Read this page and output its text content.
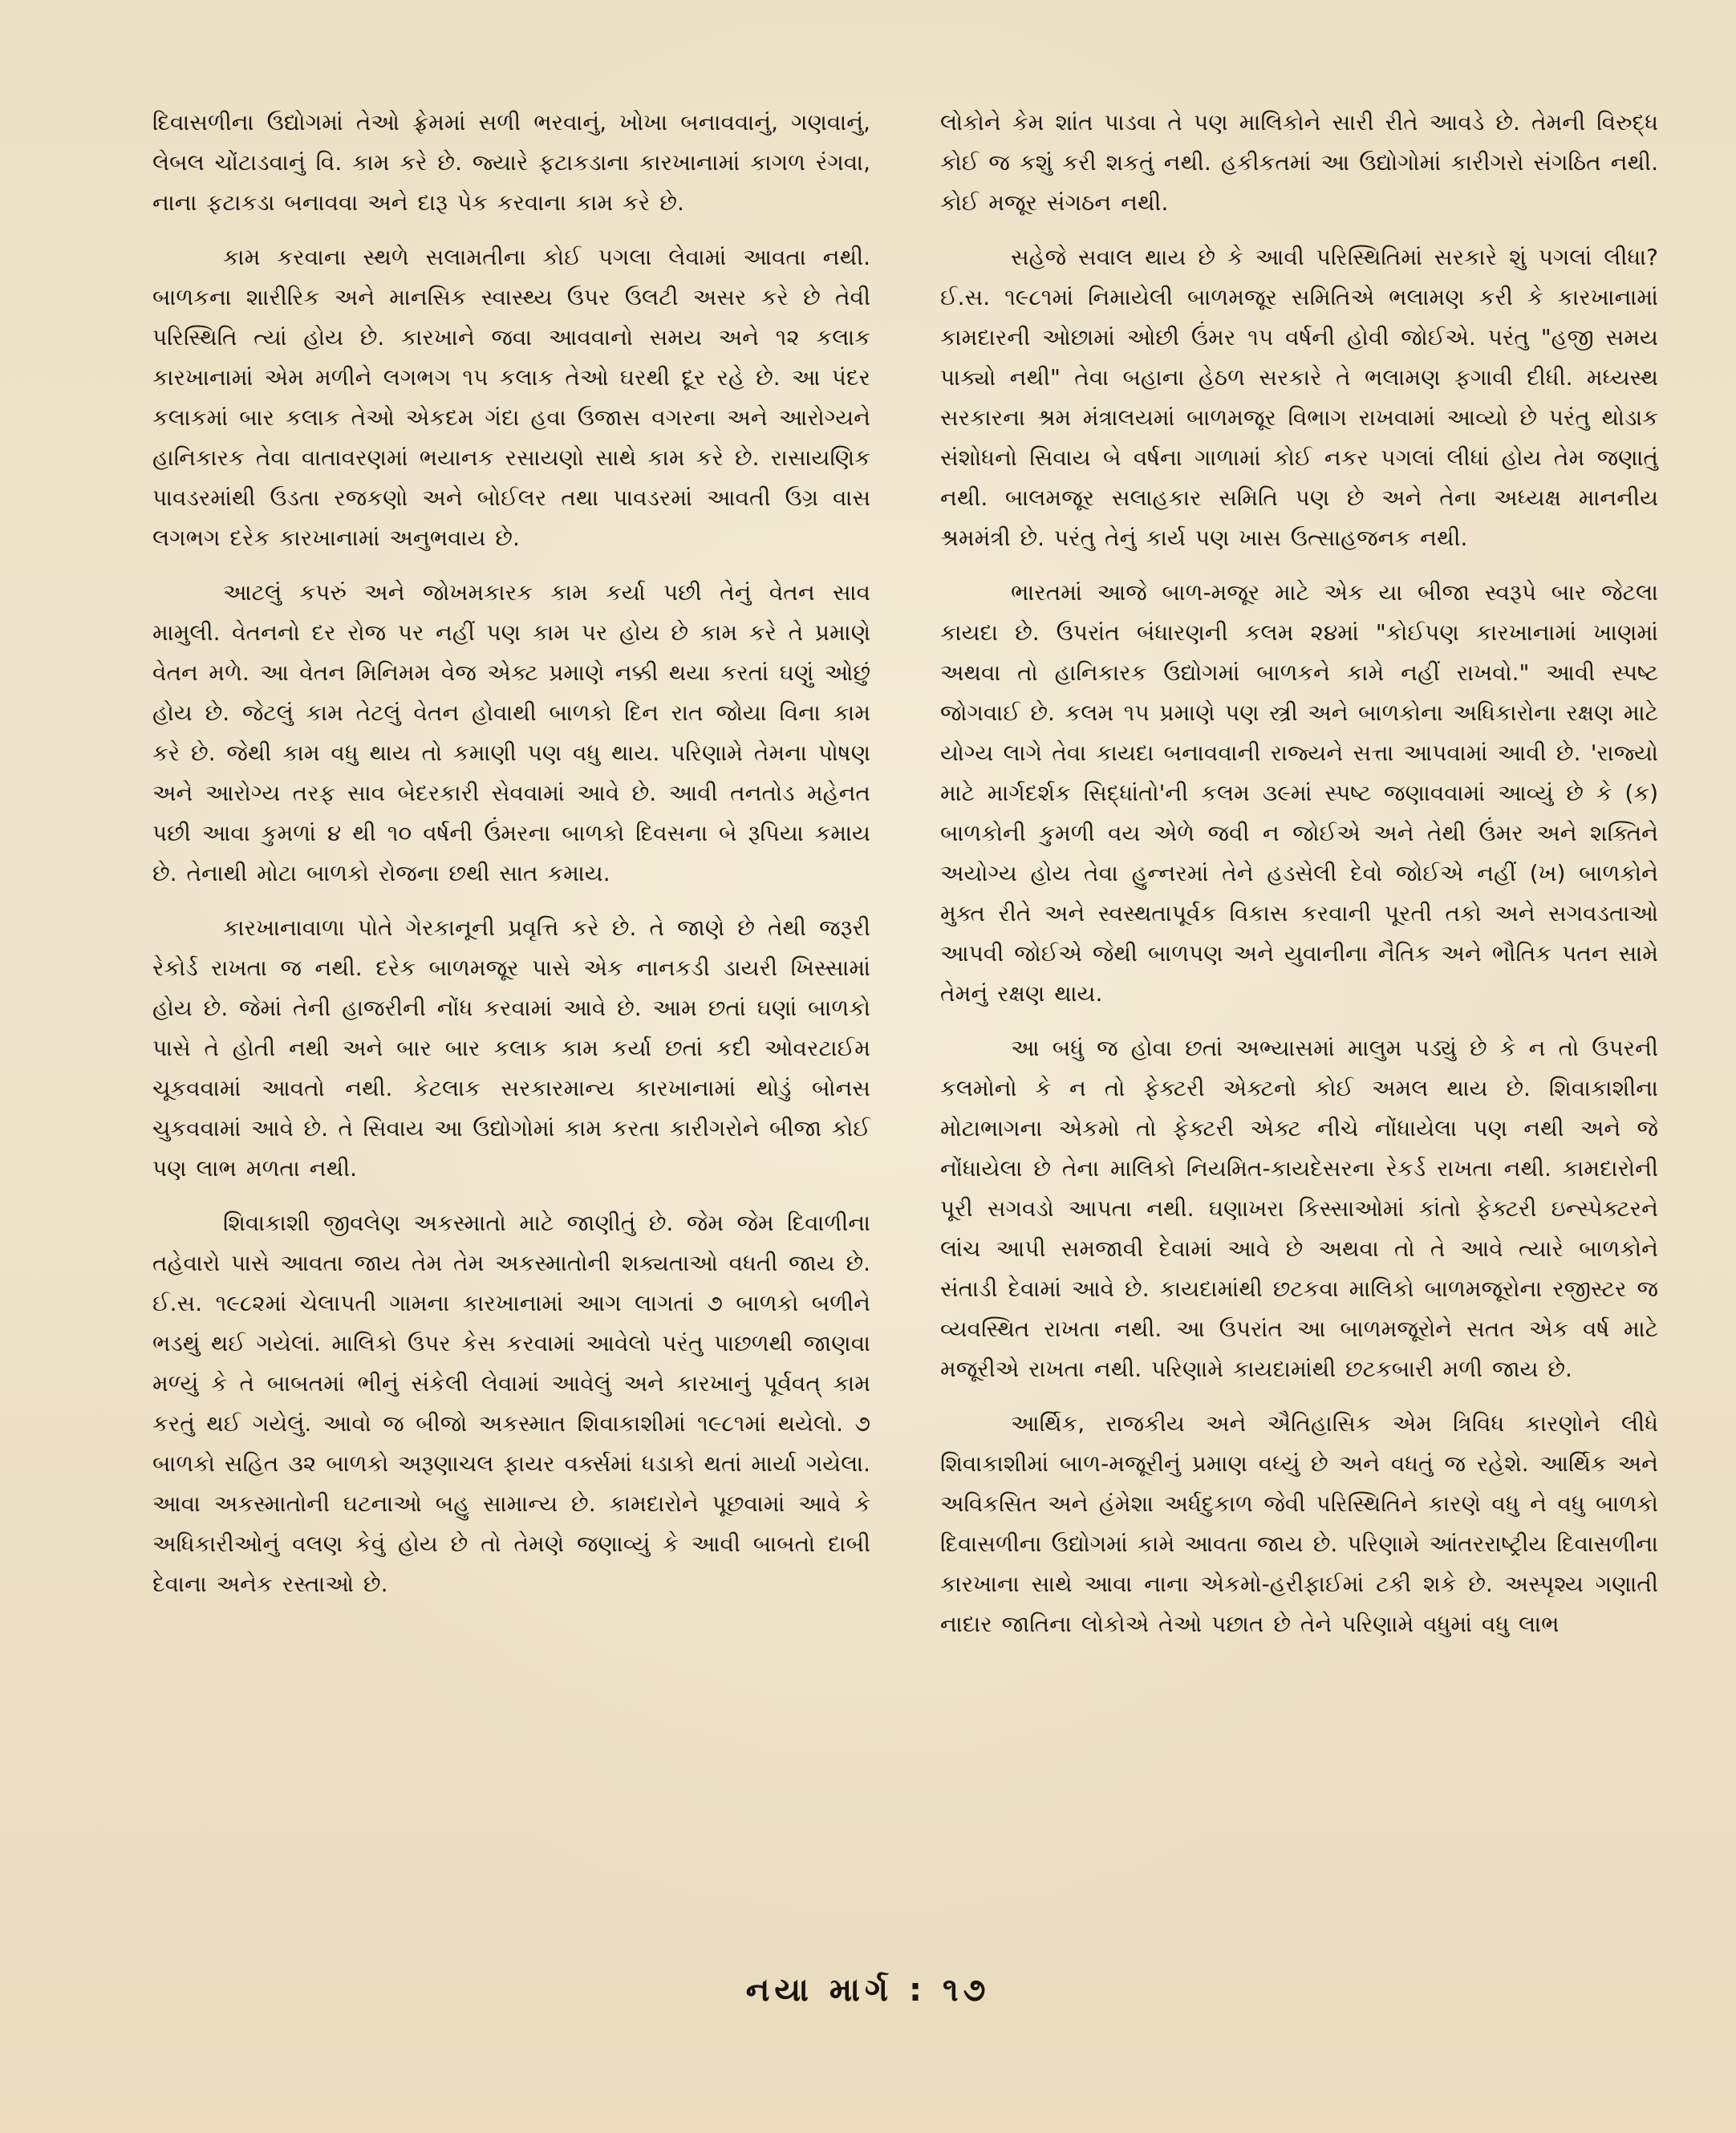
દિવાસળીના ઉદ્યોગમાં તેઓ ફ્રેમમાં સળી ભરવાનું, ખોખા બનાવવાનું, ગણવાનું, લેબલ ચોંટાડવાનું વિ. કામ કરે છે. જ્યારે ફટાકડાના કારખાનામાં કાગળ રંગવા, નાના ફટાકડા બનાવવા અને દારૂ પેક કરવાના કામ કરે છે.

કામ કરવાના સ્થળે સલામતીના કોઈ પગલા લેવામાં આવતા નથી. બાળકના શારીરિક અને માનસિક સ્વાસ્થ્ય ઉપર ઉલટી અસર કરે છે તેવી પરિસ્થિતિ ત્યાં હોય છે. કારખાને જવા આવવાનો સમય અને ૧૨ કલાક કારખાનામાં એમ મળીને લગભગ ૧૫ કલાક તેઓ ઘરથી દૂર રહે છે. આ પંદર કલાકમાં બાર કલાક તેઓ એકદમ ગંદા હવા ઉજાસ વગરના અને આરોગ્યને હાનિકારક તેવા વાતાવરણમાં ભયાનક રસાયણો સાથે કામ કરે છે. રાસાયણિક પાવડરમાંથી ઉડતા રજકણો અને બોઈલર તથા પાવડરમાં આવતી ઉગ્ર વાસ લગભગ દરેક કારખાનામાં અનુભવાય છે.

આટલું કપરું અને જોખમકારક કામ કર્યા પછી તેનું વેતન સાવ મામુલી. વેતનનો દર રોજ પર નહીં પણ કામ પર હોય છે કામ કરે તે પ્રમાણે વેતન મળે. આ વેતન મિનિમમ વેજ એક્ટ પ્રમાણે નક્કી થયા કરતાં ઘણું ઓછું હોય છે. જેટલું કામ તેટલું વેતન હોવાથી બાળકો દિન રાત જોયા વિના કામ કરે છે. જેથી કામ વધુ થાય તો કમાણી પણ વધુ થાય. પરિણામે તેમના પોષણ અને આરોગ્ય તરફ સાવ બેદરકારી સેવવામાં આવે છે. આવી તનતોડ મહેનત પછી આવા કુમળાં ૪ થી ૧૦ વર્ષની ઉંમરના બાળકો દિવસના બે રૂપિયા કમાય છે. તેનાથી મોટા બાળકો રોજના છથી સાત કમાય.

કારખાનાવાળા પોતે ગેરકાનૂની પ્રવૃત્તિ કરે છે. તે જાણે છે તેથી જરૂરી રેકોર્ડ રાખતા જ નથી. દરેક બાળમજૂર પાસે એક નાનકડી ડાયરી ખિસ્સામાં હોય છે. જેમાં તેની હાજરીની નોંધ કરવામાં આવે છે. આમ છતાં ઘણાં બાળકો પાસે તે હોતી નથી અને બાર બાર કલાક કામ કર્યા છતાં કદી ઓવરટાઈમ ચૂકવવામાં આવતો નથી. કેટલાક સરકારમાન્ય કારખાનામાં થોડું બોનસ ચુકવવામાં આવે છે. તે સિવાય આ ઉદ્યોગોમાં કામ કરતા કારીગરોને બીજા કોઈ પણ લાભ મળતા નથી.

શિવાકાશી જીવલેણ અકસ્માતો માટે જાણીતું છે. જેમ જેમ દિવાળીના તહેવારો પાસે આવતા જાય તેમ તેમ અકસ્માતોની શક્યતાઓ વધતી જાય છે. ઈ.સ. ૧૯૮૨માં ચેલાપતી ગામના કારખાનામાં આગ લાગતાં ૭ બાળકો બળીને ભડથું થઈ ગયેલાં. માલિકો ઉપર કેસ કરવામાં આવેલો પરંતુ પાછળથી જાણવા મળ્યું કે તે બાબતમાં ભીનું સંકેલી લેવામાં આવેલું અને કારખાનું પૂર્વવત્ કામ કરતું થઈ ગયેલું. આવો જ બીજો અકસ્માત શિવાકાશીમાં ૧૯૮૧માં થયેલો. ૭ બાળકો સહિત ૩૨ બાળકો અરૂણાચલ ફાયર વર્ક્સમાં ધડાકો થતાં માર્યા ગયેલા. આવા અકસ્માતોની ઘટનાઓ બહુ સામાન્ય છે. કામદારોને પૂછવામાં આવે કે અધિકારીઓનું વલણ કેવું હોય છે તો તેમણે જણાવ્યું કે આવી બાબતો દાબી દેવાના અનેક રસ્તાઓ છે.

લોકોને કેમ શાંત પાડવા તે પણ માલિકોને સારી રીતે આવડે છે. તેમની વિરુદ્ધ કોઈ જ કશું કરી શકતું નથી. હકીકતમાં આ ઉદ્યોગોમાં કારીગરો સંગઠિત નથી. કોઈ મજૂર સંગઠન નથી.

સહેજે સવાલ થાય છે કે આવી પરિસ્થિતિમાં સરકારે શું પગલાં લીધા? ઈ.સ. ૧૯૮૧માં નિમાયેલી બાળમજૂર સમિતિએ ભલામણ કરી કે કારખાનામાં કામદારની ઓછામાં ઓછી ઉંમર ૧૫ વર્ષની હોવી જોઈએ. પરંતુ "હજી સમય પાક્યો નથી" તેવા બહાના હેઠળ સરકારે તે ભલામણ ફગાવી દીધી. મધ્યસ્થ સરકારના શ્રમ મંત્રાલયમાં બાળમજૂર વિભાગ રાખવામાં આવ્યો છે પરંતુ થોડાક સંશોધનો સિવાય બે વર્ષના ગાળામાં કોઈ નકર પગલાં લીધાં હોય તેમ જણાતું નથી. બાલમજૂર સલાહકાર સમિતિ પણ છે અને તેના અધ્યક્ષ માનનીય શ્રમમંત્રી છે. પરંતુ તેનું કાર્ય પણ ખાસ ઉત્સાહજનક નથી.

ભારતમાં આજે બાળ-મજૂર માટે એક યા બીજા સ્વરૂપે બાર જેટલા કાયદા છે. ઉપરાંત બંધારણની કલમ ૨૪માં "કોઈપણ કારખાનામાં ખાણમાં અથવા તો હાનિકારક ઉદ્યોગમાં બાળકને કામે નહીં રાખવો." આવી સ્પષ્ટ જોગવાઈ છે. કલમ ૧૫ પ્રમાણે પણ સ્ત્રી અને બાળકોના અધિકારોના રક્ષણ માટે યોગ્ય લાગે તેવા કાયદા બનાવવાની રાજ્યને સત્તા આપવામાં આવી છે. 'રાજ્યો માટે માર્ગદર્શક સિદ્ધાંતો'ની કલમ ૩૯માં સ્પષ્ટ જણાવવામાં આવ્યું છે કે (ક) બાળકોની કુમળી વય એળે જવી ન જોઈએ અને તેથી ઉંમર અને શક્તિને અયોગ્ય હોય તેવા હુન્નરમાં તેને હડસેલી દેવો જોઈએ નહીં (ખ) બાળકોને મુક્ત રીતે અને સ્વસ્થતાપૂર્વક વિકાસ કરવાની પૂરતી તકો અને સગવડતાઓ આપવી જોઈએ જેથી બાળપણ અને યુવાનીના નૈતિક અને ભૌતિક પતન સામે તેમનું રક્ષણ થાય.

આ બધું જ હોવા છતાં અભ્યાસમાં માલુમ પડ્યું છે કે ન તો ઉપરની કલમોનો કે ન તો ફેક્ટરી એક્ટનો કોઈ અમલ થાય છે. શિવાકાશીના મોટાભાગના એકમો તો ફેક્ટરી એક્ટ નીચે નોંધાયેલા પણ નથી અને જે નોંધાયેલા છે તેના માલિકો નિયમિત-કાયદેસરના રેકર્ડ રાખતા નથી. કામદારોની પૂરી સગવડો આપતા નથી. ઘણાખરા કિસ્સાઓમાં કાંતો ફેક્ટરી ઇન્સ્પેક્ટરને લાંચ આપી સમજાવી દેવામાં આવે છે અથવા તો તે આવે ત્યારે બાળકોને સંતાડી દેવામાં આવે છે. કાયદામાંથી છટકવા માલિકો બાળમજૂરોના રજીસ્ટર જ વ્યવસ્થિત રાખતા નથી. આ ઉપરાંત આ બાળમજૂરોને સતત એક વર્ષ માટે મજૂરીએ રાખતા નથી. પરિણામે કાયદામાંથી છટકબારી મળી જાય છે.

આર્થિક, રાજકીય અને ઐતિહાસિક એમ ત્રિવિધ કારણોને લીધે શિવાકાશીમાં બાળ-મજૂરીનું પ્રમાણ વધ્યું છે અને વધતું જ રહેશે. આર્થિક અને અવિકસિત અને હંમેશા અર્ધદુકાળ જેવી પરિસ્થિતિને કારણે વધુ ને વધુ બાળકો દિવાસળીના ઉદ્યોગમાં કામે આવતા જાય છે. પરિણામે આંતરરાષ્ટ્રીય દિવાસળીના કારખાના સાથે આવા નાના એકમો-હરીફાઈમાં ટકી શકે છે. અસ્પૃશ્ય ગણાતી નાદાર જાતિના લોકોએ તેઓ પછાત છે તેને પરિણામે વધુમાં વધુ લાભ

નયા માર્ગ : ૧૭
